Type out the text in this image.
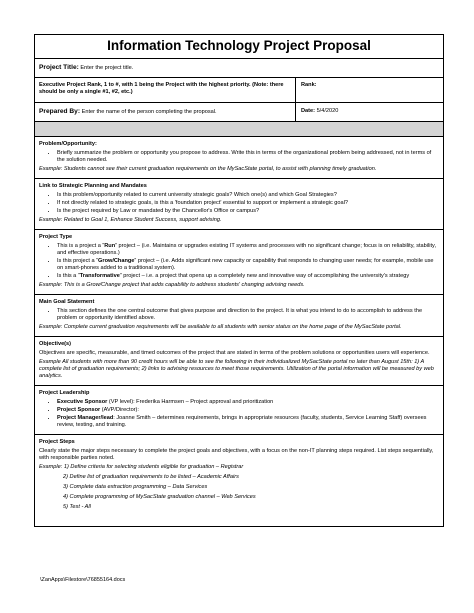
Information Technology Project Proposal
Project Title: Enter the project title.
Executive Project Rank, 1 to #, with 1 being the Project with the highest priority. (Note: there should be only a single #1, #2, etc.)
Rank:
Prepared By: Enter the name of the person completing the proposal.	Date: 5/4/2020
Problem/Opportunity:
• Briefly summarize the problem or opportunity you propose to address. Write this in terms of the organizational problem being addressed, not in terms of the solution needed.

Example: Students cannot see their current graduation requirements on the MySacState portal, to assist with planning timely graduation.

Link to Strategic Planning and Mandates
• Is this problem/opportunity related to current university strategic goals? Which one(s) and which Goal Strategies?
• If not directly related to strategic goals, is this a 'foundation project' essential to support or implement a strategic goal?
• Is the project required by Law or mandated by the Chancellor's Office or campus?

Example: Related to Goal 1, Enhance Student Success, support advising.

Project Type
• This is a project a “Run” project – (i.e. Maintains or upgrades existing IT systems and processes with no significant change; focus is on reliability, stability, and effective operations.)
• Is this project a “Grow/Change” project – (i.e. Adds significant new capacity or capability that responds to changing user needs; for example, mobile use on smart-phones added to a traditional system).
• Is this a “Transformative” project – i.e. a project that opens up a completely new and innovative way of accomplishing the university's strategy

Example: This is a Grow/Change project that adds capability to address students' changing advising needs.

Main Goal Statement
• This section defines the one central outcome that gives purpose and direction to the project. It is what you intend to do to accomplish to address the problem or opportunity identified above.

Example: Complete current graduation requirements will be available to all students with senior status on the home page of the MySacState portal.

Objective(s)

Objectives are specific, measurable, and timed outcomes of the project that are stated in terms of the problem solutions or opportunities users will experience.

Example All students with more than 90 credit hours will be able to see the following in their individualized MySacState portal no later than August 15th: 1) A complete list of graduation requirements; 2) links to advising resources to meet those requirements. Utilization of the portal information will be measured by web analytics.

Project Leadership
• Executive Sponsor (VP level): Frederika Harmsen – Project approval and prioritization
• Project Sponsor (AVP/Director):
• Project Manager/lead: Joanne Smith – determines requirements, brings in appropriate resources (faculty, students, Service Learning Staff) oversees review, testing, and training.
Project Steps

Clearly state the major steps necessary to complete the project goals and objectives, with a focus on the non-IT planning steps required. List steps sequentially, with responsible parties noted.

Example: 1) Define criteria for selecting students eligible for graduation – Registrar

2) Define list of graduation requirements to be listed – Academic Affairs
3) Complete data extraction programming – Data Services
4) Complete programming of MySacState graduation channel – Web Services
5) Test - All
\ZanApps\Filestore\76855164.docs
